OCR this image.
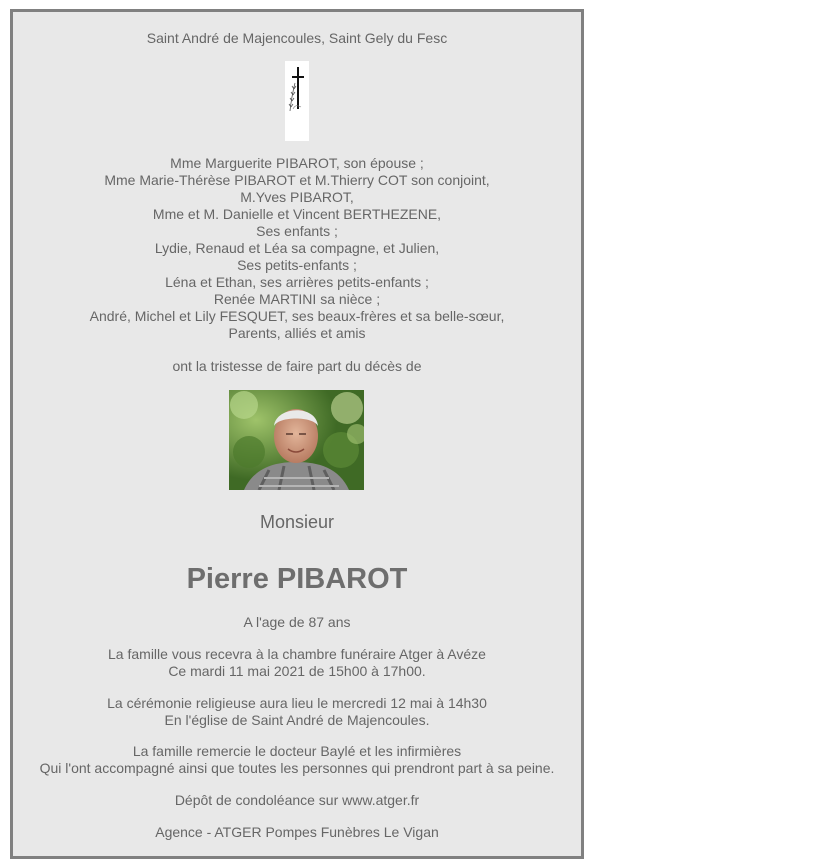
Saint André de Majencoules, Saint Gely du Fesc
Mme Marguerite PIBAROT, son épouse ;
Mme Marie-Thérèse PIBAROT et M.Thierry COT son conjoint,
M.Yves PIBAROT,
Mme et M. Danielle et Vincent BERTHEZENE,
Ses enfants ;
Lydie, Renaud et Léa sa compagne, et Julien,
Ses petits-enfants ;
Léna et Ethan, ses arrières petits-enfants ;
Renée MARTINI sa nièce ;
André, Michel et Lily FESQUET, ses beaux-frères et sa belle-sœur,
Parents, alliés et amis
ont la tristesse de faire part du décès de
Monsieur
Pierre PIBAROT
A l'age de 87 ans
La famille vous recevra à la chambre funéraire Atger à Avéze
Ce mardi 11 mai 2021 de 15h00 à 17h00.
La cérémonie religieuse aura lieu le mercredi 12 mai à 14h30
En l'église de Saint André de Majencoules.
La famille remercie le docteur Baylé et les infirmières
Qui l'ont accompagné ainsi que toutes les personnes qui prendront part à sa peine.
Dépôt de condoléance sur www.atger.fr
Agence - ATGER Pompes Funèbres Le Vigan
